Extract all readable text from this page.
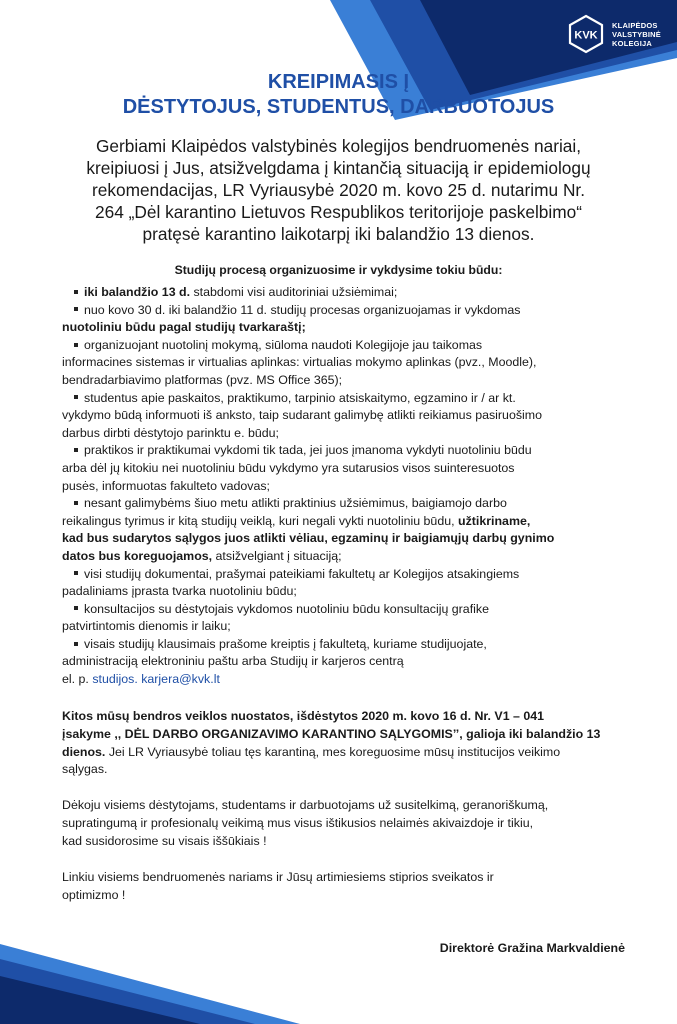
KVK
KLAIPĖDOS
VALSTYBINĖ
KOLEGIJA
KREIPIMASIS Į
DĖSTYTOJUS, STUDENTUS, DARBUOTOJUS
Gerbiami Klaipėdos valstybinės kolegijos bendruomenės nariai,
kreipiuosi į Jus, atsižvelgdama į kintančią situaciją ir epidemiologų
rekomendacijas, LR Vyriausybė 2020 m. kovo 25 d. nutarimu Nr.
264 „Dėl karantino Lietuvos Respublikos teritorijoje paskelbimo“
pratęsė karantino laikotarpį iki balandžio 13 dienos.
Studijų procesą organizuosime ir vykdysime tokiu būdu:
iki balandžio 13 d. stabdomi visi auditoriniai užsiėmimai;
nuo kovo 30 d. iki balandžio 11 d. studijų procesas organizuojamas ir vykdomas
nuotoliniu būdu pagal studijų tvarkaraštį;
organizuojant nuotolinį mokymą, siūloma naudoti Kolegijoje jau taikomas
informacines sistemas ir virtualias aplinkas: virtualias mokymo aplinkas (pvz., Moodle),
bendradarbiavimo platformas (pvz. MS Office 365);
studentus apie paskaitos, praktikumo, tarpinio atsiskaitymo, egzamino ir / ar kt.
vykdymo būdą informuoti iš anksto, taip sudarant galimybę atlikti reikiamus pasiruošimo
darbus dirbti dėstytojo parinktu e. būdu;
praktikos ir praktikumai vykdomi tik tada, jei juos įmanoma vykdyti nuotoliniu būdu
arba dėl jų kitokiu nei nuotoliniu būdu vykdymo yra sutarusios visos suinteresuotos
pusės, informuotas fakulteto vadovas;
nesant galimybėms šiuo metu atlikti praktinius užsiėmimus, baigiamojo darbo
reikalingus tyrimus ir kitą studijų veiklą, kuri negali vykti nuotoliniu būdu, užtikriname,
kad bus sudarytos sąlygos juos atlikti vėliau, egzaminų ir baigiamųjų darbų gynimo
datos bus koreguojamos, atsižvelgiant į situaciją;
visi studijų dokumentai, prašymai pateikiami fakultetų ar Kolegijos atsakingiems
padaliniams įprasta tvarka nuotoliniu būdu;
konsultacijos su dėstytojais vykdomos nuotoliniu būdu konsultacijų grafike
patvirtintomis dienomis ir laiku;
visais studijų klausimais prašome kreiptis į fakultetą, kuriame studijuojate,
administraciją elektroniniu paštu arba Studijų ir karjeros centrą
el. p. studijos. karjera@kvk.lt
Kitos mūsų bendros veiklos nuostatos, išdėstytos 2020 m. kovo 16 d. Nr. V1 – 041
įsakyme ,, DĖL DARBO ORGANIZAVIMO KARANTINO SĄLYGOMIS’’, galioja iki balandžio 13
dienos. Jei LR Vyriausybė toliau tęs karantiną, mes koreguosime mūsų institucijos veikimo
sąlygas.
Dėkoju visiems dėstytojams, studentams ir darbuotojams už susitelkimą, geranoriškumą,
supratingumą ir profesionalų veikimą mus visus ištikusios nelaimės akivaizdoje ir tikiu,
kad susidorosime su visais iššūkiais !
Linkiu visiems bendruomenės nariams ir Jūsų artimiesiems stiprios sveikatos ir
optimizmo !
Direktorė Gražina Markvaldienė
